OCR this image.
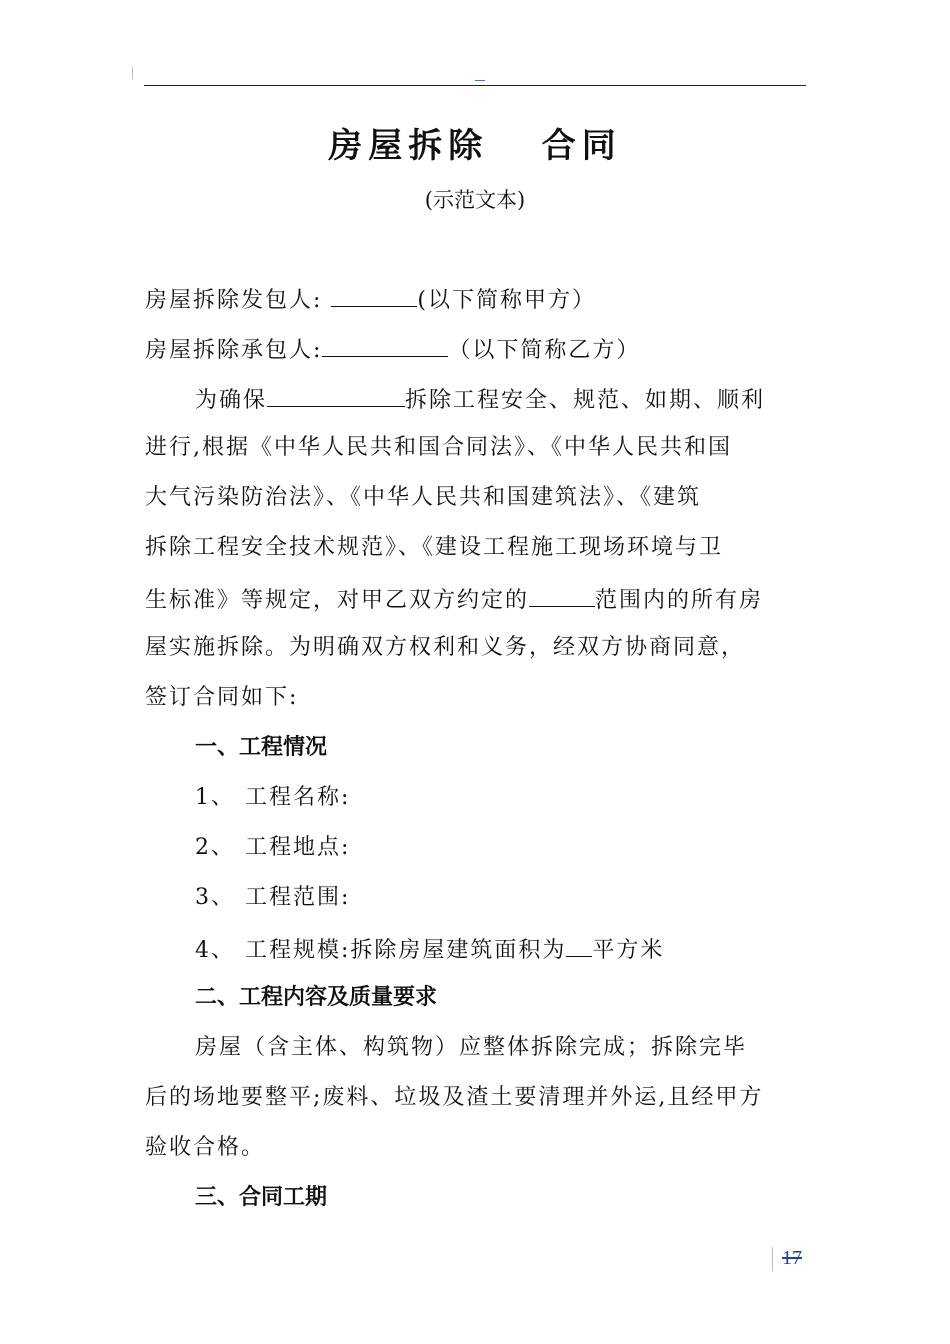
房屋拆除   合同
(示范文本)
房屋拆除发包人:	(以下简称甲方）
房屋拆除承包人:	（以下简称乙方）
为确保	拆除工程安全、规范、如期、顺利
进行,根据《中华人民共和国合同法》、《中华人民共和国
大气污染防治法》、《中华人民共和国建筑法》、《建筑
拆除工程安全技术规范》、《建设工程施工现场环境与卫
生标准》等规定，对甲乙双方约定的	范围内的所有房
屋实施拆除。为明确双方权利和义务，经双方协商同意，
签订合同如下:
一、工程情况
1、 工程名称:
2、 工程地点:
3、 工程范围:
4、 工程规模:拆除房屋建筑面积为 平方米
二、工程内容及质量要求
房屋（含主体、构筑物）应整体拆除完成；拆除完毕
后的场地要整平;废料、垃圾及渣土要清理并外运,且经甲方
验收合格。
三、合同工期
17
